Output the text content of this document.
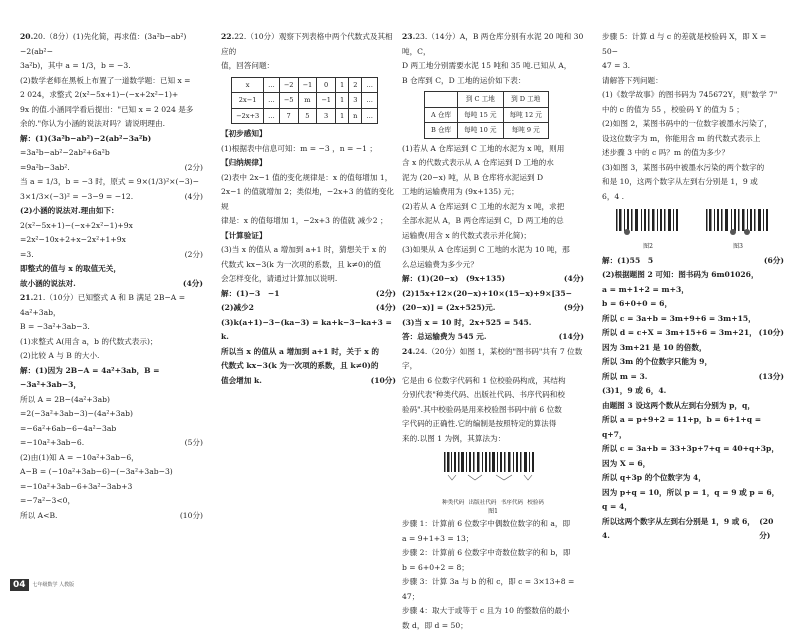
20.20.（8分）(1)先化简，再求值：(3a²b−ab²)−2(ab²−

3a²b)，其中 a = 1/3，b = −3.

(2)数学老师在黑板上布置了一道数学题：已知 x =

2 024，求整式 2(x²−5x+1)−(−x+2x²−1)+

9x 的值.小涵同学看后提出："已知 x = 2 024 是多

余的."你认为小涵的说法对吗？请说明理由.

解：(1)(3a²b−ab²)−2(ab²−3a²b)

=3a²b−ab²−2ab²+6a²b

=9a²b−3ab².	(2分)

当 a = 1/3，b = −3 时，原式 = 9×(1/3)²×(−3)−

3×1/3×(−3)² = −3−9 = −12.	(4分)

(2)小涵的说法对.理由如下：

2(x²−5x+1)−(−x+2x²−1)+9x

=2x²−10x+2+x−2x²+1+9x

=3.	(2分)

即整式的值与 x 的取值无关，

故小涵的说法对.	(4分)

21.21.（10分）已知整式 A 和 B 满足 2B−A = 4a²+3ab，

B = −3a²+3ab−3.

(1)求整式 A(用含 a，b 的代数式表示)；

(2)比较 A 与 B 的大小.

解：(1)因为 2B−A = 4a²+3ab，B = −3a²+3ab−3，

所以 A = 2B−(4a²+3ab)

=2(−3a²+3ab−3)−(4a²+3ab)

=−6a²+6ab−6−4a²−3ab

=−10a²+3ab−6.	(5分)

(2)由(1)知 A = −10a²+3ab−6，

A−B = (−10a²+3ab−6)−(−3a²+3ab−3)

=−10a²+3ab−6+3a²−3ab+3

=−7a²−3<0，

所以 A<B.	(10分)

22.22.（10分）观察下列表格中两个代数式及其相应的

值，回答问题：

x	…	−2	−1	0	1	2	…
2x−1	…	−5	m	−1	1	3	…
−2x+3	…	7	5	3	1	n	…

【初步感知】

(1)根据表中信息可知：m = −3 ，n = −1 ；

【归纳规律】

(2)表中 2x−1 值的变化规律是：x 的值每增加 1，

2x−1 的值就增加 2；类似地，−2x+3 的值的变化规

律是：x 的值每增加 1，−2x+3 的值就 减少2 ；

【计算验证】

(3)当 x 的值从 a 增加到 a+1 时，猜想关于 x 的

代数式 kx−3(k 为一次项的系数，且 k≠0)的值

会怎样变化，请通过计算加以说明.

解：(1)−3　−1	(2分)
(2)减少2	(4分)

(3)k(a+1)−3−(ka−3) = ka+k−3−ka+3 = k.

所以当 x 的值从 a 增加到 a+1 时，关于 x 的

代数式 kx−3(k 为一次项的系数，且 k≠0)的

值会增加 k.	(10分)

23.23.（14分）A，B 两仓库分别有水泥 20 吨和 30 吨，C，

D 两工地分别需要水泥 15 吨和 35 吨.已知从 A，

B 仓库到 C，D 工地的运价如下表：

	到 C 工地	到 D 工地
A 仓库	每吨 15 元	每吨 12 元
B 仓库	每吨 10 元	每吨 9 元

(1)若从 A 仓库运到 C 工地的水泥为 x 吨，则用

含 x 的代数式表示从 A 仓库运到 D 工地的水

泥为 (20−x) 吨，从 B 仓库将水泥运到 D

工地的运输费用为 (9x+135) 元；

(2)若从 A 仓库运到 C 工地的水泥为 x 吨，求把

全部水泥从 A，B 两仓库运到 C，D 两工地的总

运输费(用含 x 的代数式表示并化简)；

(3)如果从 A 仓库运到 C 工地的水泥为 10 吨，那

么总运输费为多少元？

解：(1)(20−x)　(9x+135)	(4分)

(2)15x+12×(20−x)+10×(15−x)+9×[35−

(20−x)] = (2x+525)元.	(9分)

(3)当 x = 10 时，2x+525 = 545.

答：总运输费为 545 元.	(14分)

24.24.（20分）如图 1，某校的"图书码"共有 7 位数字，

它是由 6 位数字代码和 1 位校验码构成，其结构

分别代表"种类代码、出版社代码、书序代码和校

验码".其中校验码是用来校验图书码中前 6 位数

字代码的正确性.它的编制是按照特定的算法得

来的.以图 1 为例，其算法为：

种类代码 出版社代码 书序代码 校验码

图1

步骤 1：计算前 6 位数字中偶数位数字的和 a，即

a = 9+1+3 = 13；

步骤 2：计算前 6 位数字中奇数位数字的和 b，即

b = 6+0+2 = 8；

步骤 3：计算 3a 与 b 的和 c，即 c = 3×13+8 = 47；

步骤 4：取大于或等于 c 且为 10 的整数倍的最小

数 d，即 d = 50；

步骤 5：计算 d 与 c 的差就是校验码 X，即 X = 50−

47 = 3.

请解答下列问题：

(1)《数学故事》的图书码为 745672Y，则"数学 7"

中的 c 的值为 55 ，校验码 Y 的值为 5 ；

(2)如图 2，某图书码中的一位数字被墨水污染了，

设这位数字为 m，你能用含 m 的代数式表示上

述步骤 3 中的 c 吗？m 的值为多少？

(3)如图 3，某图书码中被墨水污染的两个数字的

和是 10，这两个数字从左到右分别是 1，9 或

6，4 .

图2	图3
解：(1)55　5	(6分)

(2)根据题图 2 可知：图书码为 6m01026，

a = m+1+2 = m+3，

b = 6+0+0 = 6，

所以 c = 3a+b = 3m+9+6 = 3m+15，

所以 d = c+X = 3m+15+6 = 3m+21， (10分)

因为 3m+21 是 10 的倍数，

所以 3m 的个位数字只能为 9，

所以 m = 3.	(13分)

(3)1，9 或 6，4.

由题图 3 设这两个数从左到右分别为 p，q，

所以 a = p+9+2 = 11+p，b = 6+1+q = q+7，

所以 c = 3a+b = 33+3p+7+q = 40+q+3p，

因为 X = 6，

所以 q+3p 的个位数字为 4，

因为 p+q = 10，所以 p = 1，q = 9 或 p = 6，q = 4，

所以这两个数字从左到右分别是 1，9 或 6，4.
(20分)
04	七年级数学 人教版
